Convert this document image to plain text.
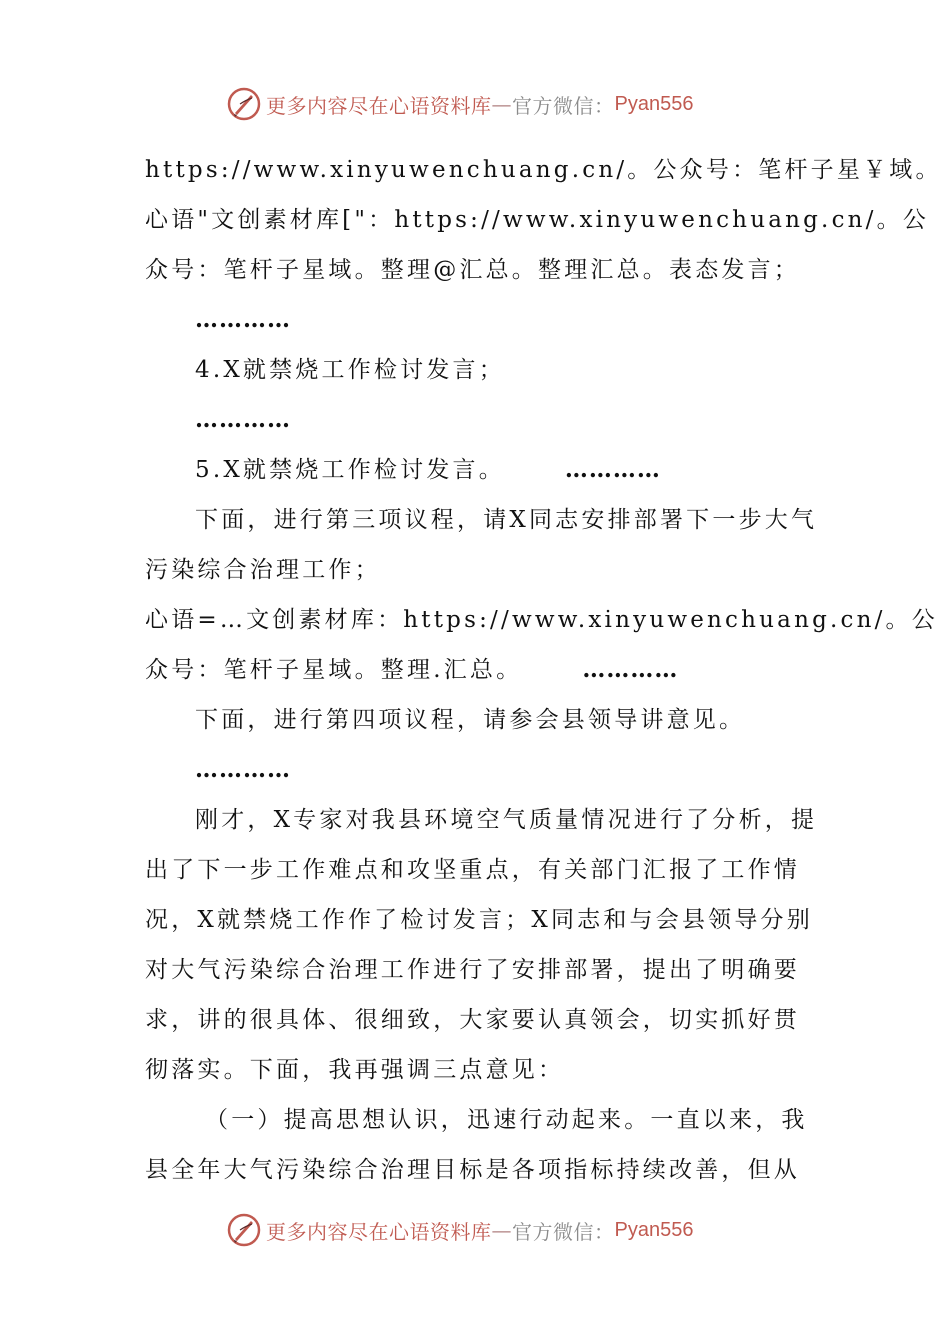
更多内容尽在心语资料库 — 官方微信： Pyan556
https://www.xinyuwenchuang.cn/。公众号：笔杆子星￥域。
心语"文创素材库["：https://www.xinyuwenchuang.cn/。公
众号：笔杆子星域。整理@汇总。整理汇总。表态发言；
…………
4.X就禁烧工作检讨发言；
…………
5.X就禁烧工作检讨发言。	…………
下面，进行第三项议程，请X同志安排部署下一步大气
污染综合治理工作；
心语=…文创素材库：https://www.xinyuwenchuang.cn/。公
众号：笔杆子星域。整理.汇总。	…………
下面，进行第四项议程，请参会县领导讲意见。
…………
刚才，X专家对我县环境空气质量情况进行了分析，提
出了下一步工作难点和攻坚重点，有关部门汇报了工作情
况，X就禁烧工作作了检讨发言；X同志和与会县领导分别
对大气污染综合治理工作进行了安排部署，提出了明确要
求，讲的很具体、很细致，大家要认真领会，切实抓好贯
彻落实。下面，我再强调三点意见：
（一）提高思想认识，迅速行动起来。一直以来，我
县全年大气污染综合治理目标是各项指标持续改善，但从
更多内容尽在心语资料库 — 官方微信： Pyan556
